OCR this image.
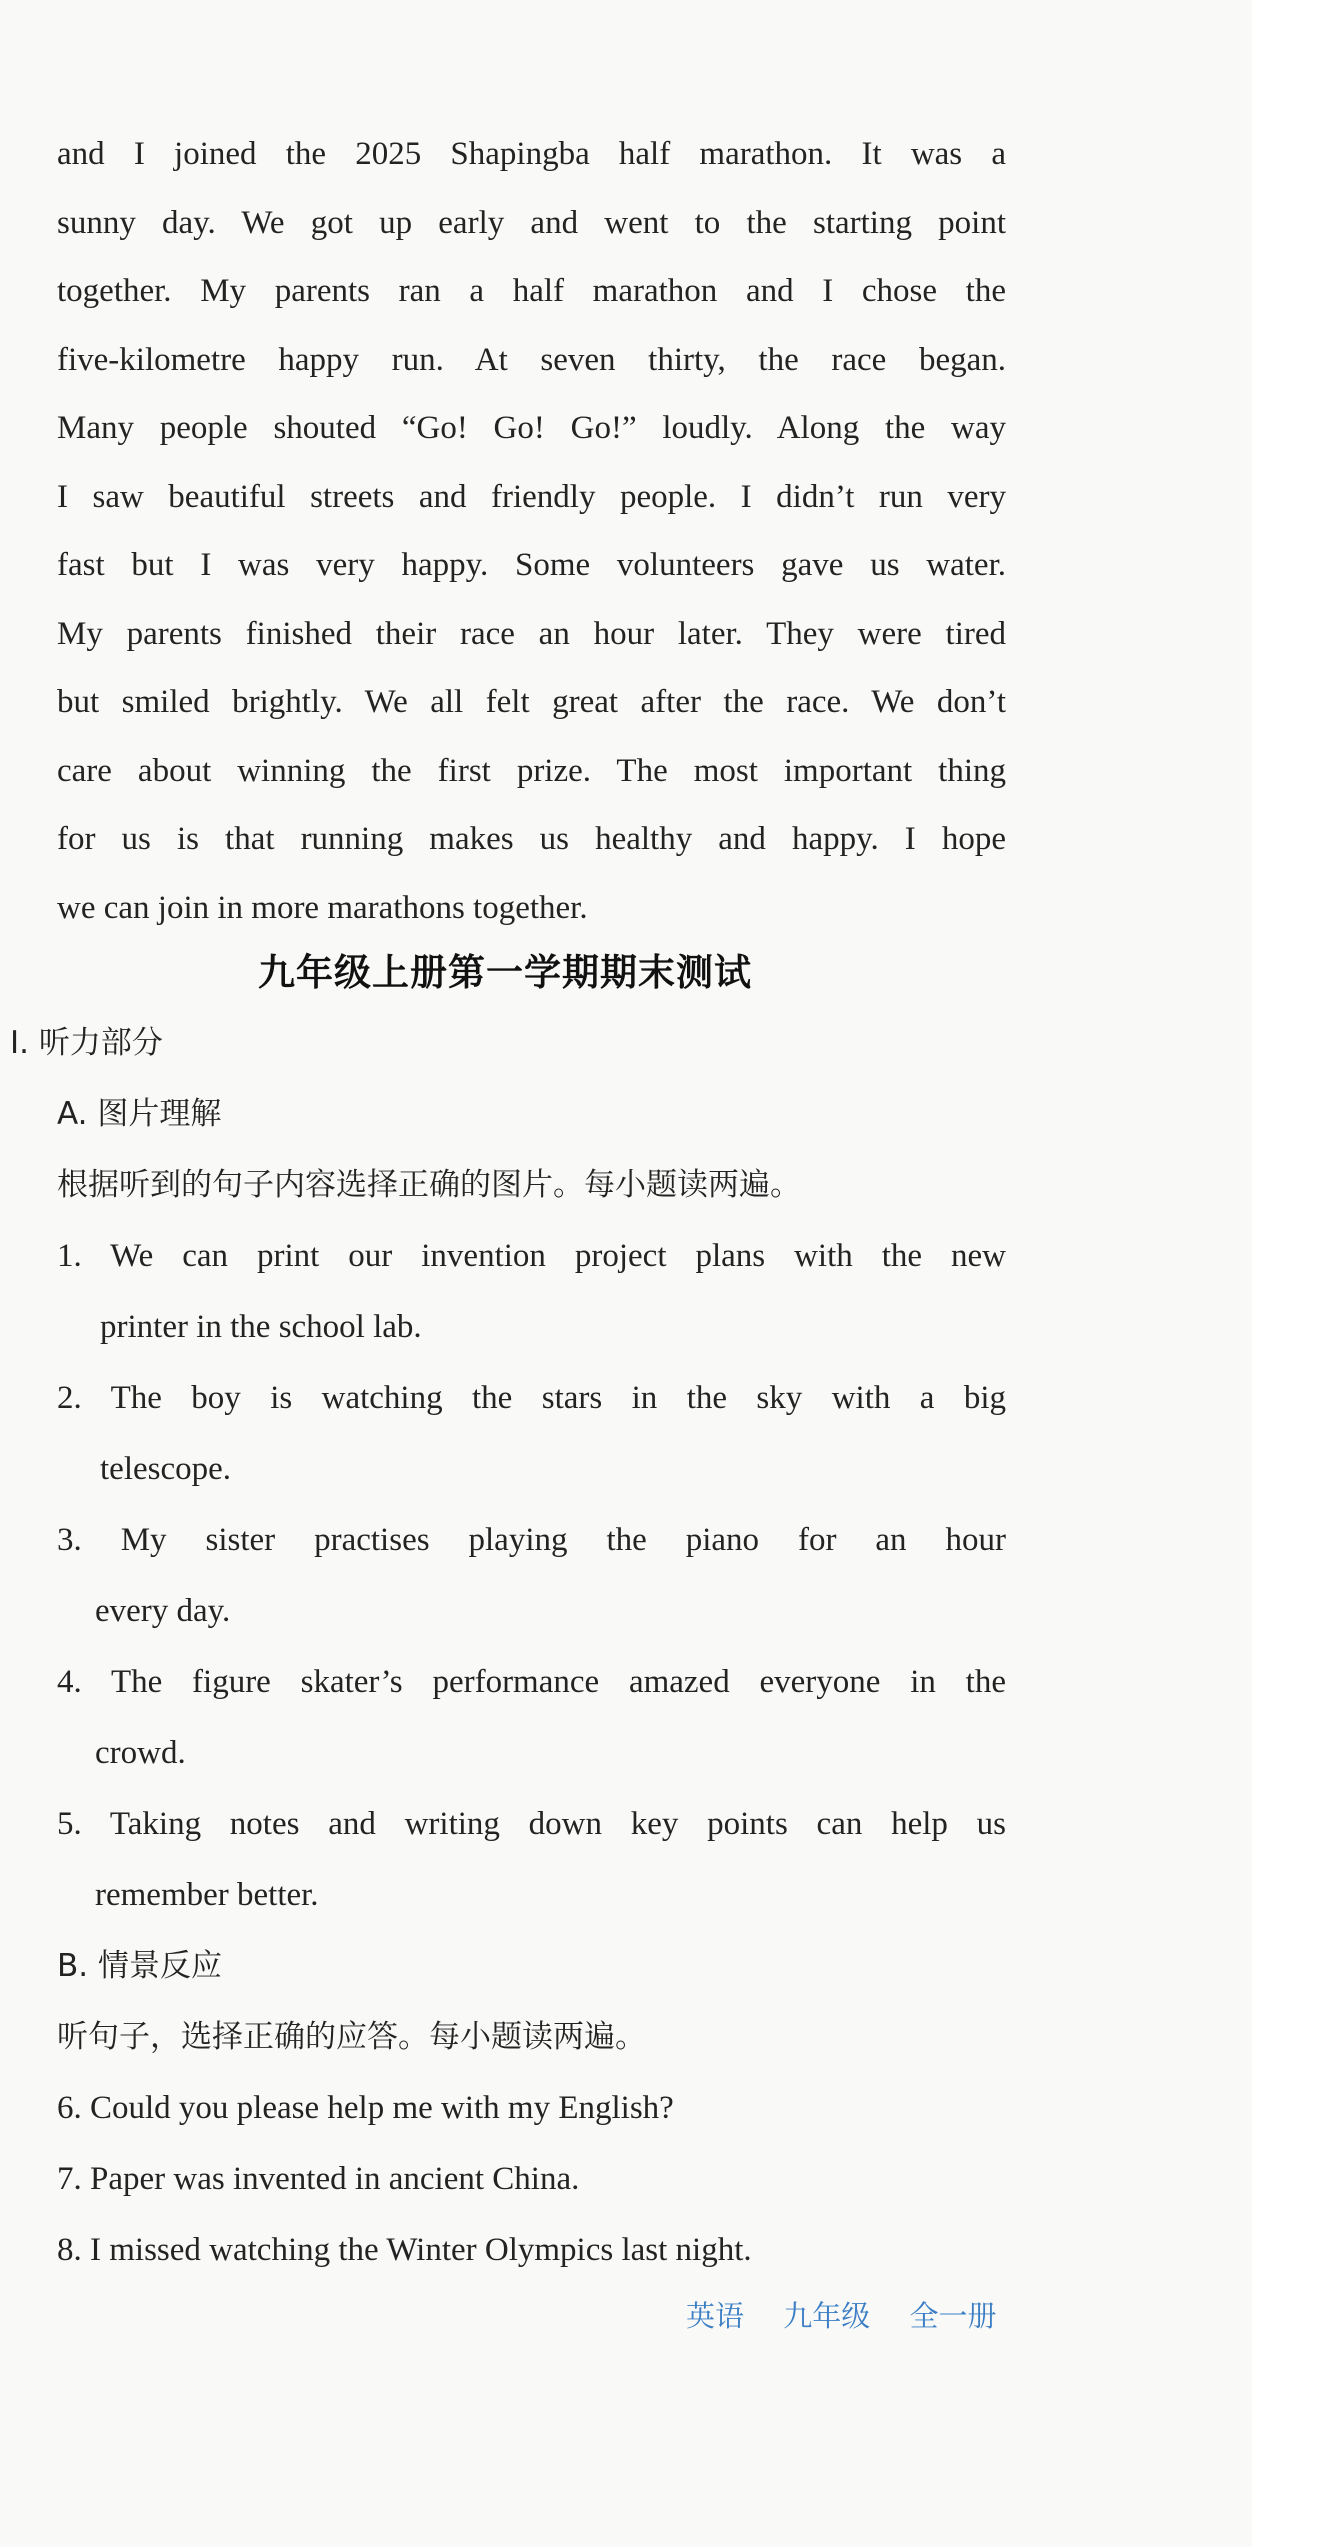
and I joined the 2025 Shapingba half marathon. It was a
sunny day. We got up early and went to the starting point
together. My parents ran a half marathon and I chose the
five-kilometre happy run. At seven thirty, the race began.
Many people shouted “Go! Go! Go!” loudly. Along the way
I saw beautiful streets and friendly people. I didn’t run very
fast but I was very happy. Some volunteers gave us water.
My parents finished their race an hour later. They were tired
but smiled brightly. We all felt great after the race. We don’t
care about winning the first prize. The most important thing
for us is that running makes us healthy and happy. I hope
we can join in more marathons together.
九年级上册第一学期期末测试
Ⅰ. 听力部分
A. 图片理解
根据听到的句子内容选择正确的图片。每小题读两遍。
1. We can print our invention project plans with the new
printer in the school lab.
2. The boy is watching the stars in the sky with a big
telescope.
3. My sister practises playing the piano for an hour
every day.
4. The figure skater’s performance amazed everyone in the
crowd.
5. Taking notes and writing down key points can help us
remember better.
B. 情景反应
听句子，选择正确的应答。每小题读两遍。
6. Could you please help me with my English?
7. Paper was invented in ancient China.
8. I missed watching the Winter Olympics last night.
英语 九年级 全一册
